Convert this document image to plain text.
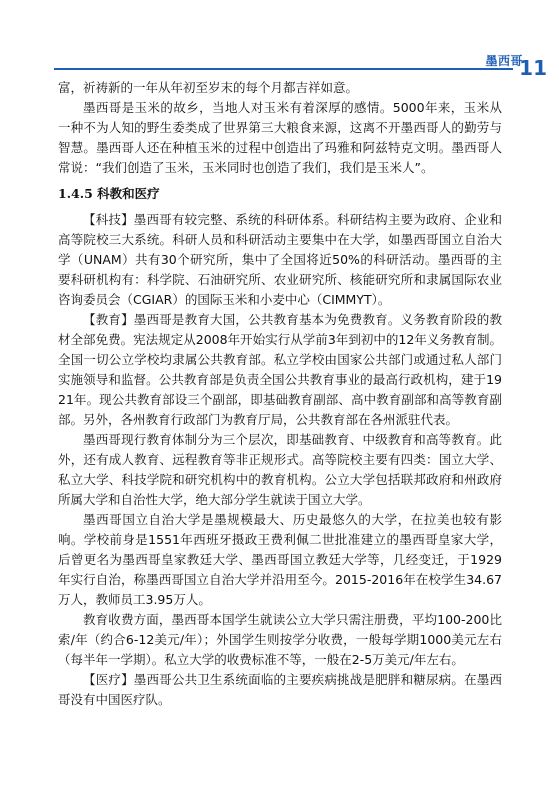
墨西哥
11

富，祈祷新的一年从年初至岁末的每个月都吉祥如意。

墨西哥是玉米的故乡，当地人对玉米有着深厚的感情。5000年来，玉米从一种不为人知的野生委类成了世界第三大粮食来源，这离不开墨西哥人的勤劳与智慧。墨西哥人还在种植玉米的过程中创造出了玛雅和阿兹特克文明。墨西哥人常说：“我们创造了玉米，玉米同时也创造了我们，我们是玉米人”。

1.4.5 科教和医疗

【科技】墨西哥有较完整、系统的科研体系。科研结构主要为政府、企业和高等院校三大系统。科研人员和科研活动主要集中在大学，如墨西哥国立自治大学（UNAM）共有30个研究所，集中了全国将近50%的科研活动。墨西哥的主要科研机构有：科学院、石油研究所、农业研究所、核能研究所和隶属国际农业咨询委员会（CGIAR）的国际玉米和小麦中心（CIMMYT）。

【教育】墨西哥是教育大国，公共教育基本为免费教育。义务教育阶段的教材全部免费。宪法规定从2008年开始实行从学前3年到初中的12年义务教育制。全国一切公立学校均隶属公共教育部。私立学校由国家公共部门或通过私人部门实施领导和监督。公共教育部是负责全国公共教育事业的最高行政机构，建于1921年。现公共教育部设三个副部，即基础教育副部、高中教育副部和高等教育副部。另外，各州教育行政部门为教育厅局，公共教育部在各州派驻代表。

墨西哥现行教育体制分为三个层次，即基础教育、中级教育和高等教育。此外，还有成人教育、远程教育等非正规形式。高等院校主要有四类：国立大学、私立大学、科技学院和研究机构中的教育机构。公立大学包括联邦政府和州政府所属大学和自治性大学，绝大部分学生就读于国立大学。

墨西哥国立自治大学是墨规模最大、历史最悠久的大学，在拉美也较有影响。学校前身是1551年西班牙摄政王费利佩二世批准建立的墨西哥皇家大学，后曾更名为墨西哥皇家教廷大学、墨西哥国立教廷大学等，几经变迁，于1929年实行自治，称墨西哥国立自治大学并沿用至今。2015-2016年在校学生34.67万人，教师员工3.95万人。

教育收费方面，墨西哥本国学生就读公立大学只需注册费，平均100-200比索/年（约合6-12美元/年）；外国学生则按学分收费，一般每学期1000美元左右（每半年一学期）。私立大学的收费标准不等，一般在2-5万美元/年左右。

【医疗】墨西哥公共卫生系统面临的主要疾病挑战是肥胖和糖尿病。在墨西哥没有中国医疗队。
